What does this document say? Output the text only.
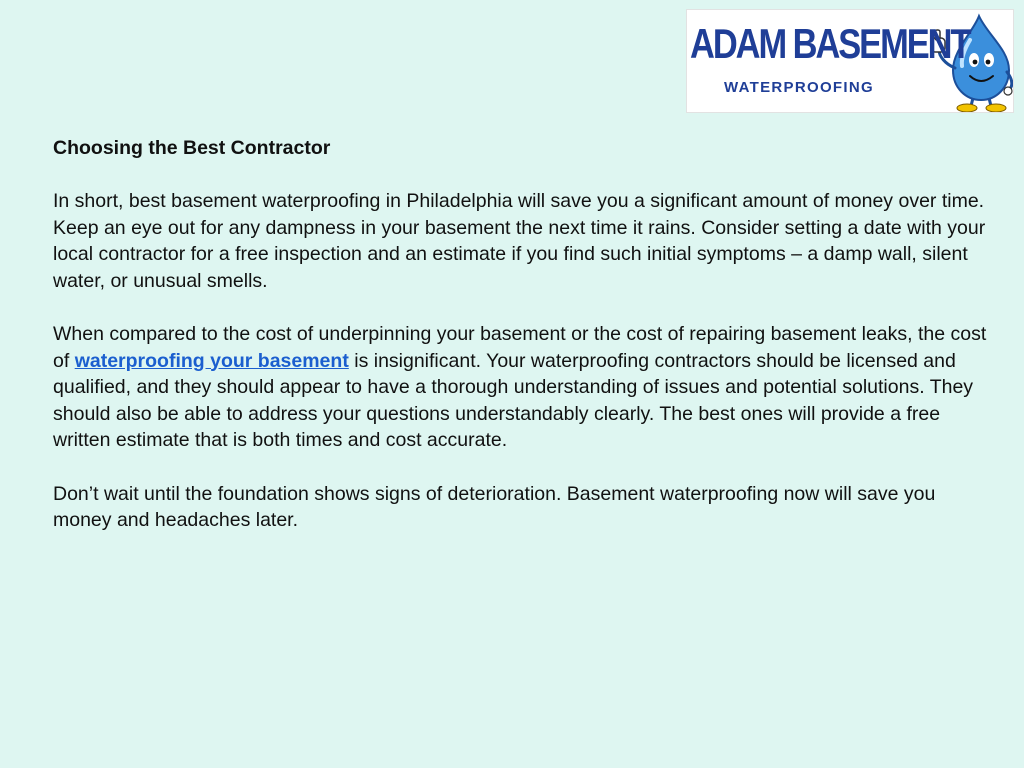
ADAM BASEMENT
WATERPROOFING
Choosing the Best Contractor

In short, best basement waterproofing in Philadelphia will save you a significant amount of money over time. Keep an eye out for any dampness in your basement the next time it rains. Consider setting a date with your local contractor for a free inspection and an estimate if you find such initial symptoms – a damp wall, silent water, or unusual smells.

When compared to the cost of underpinning your basement or the cost of repairing basement leaks, the cost of waterproofing your basement is insignificant. Your waterproofing contractors should be licensed and qualified, and they should appear to have a thorough understanding of issues and potential solutions. They should also be able to address your questions understandably clearly. The best ones will provide a free written estimate that is both times and cost accurate.

Don’t wait until the foundation shows signs of deterioration. Basement waterproofing now will save you money and headaches later.
